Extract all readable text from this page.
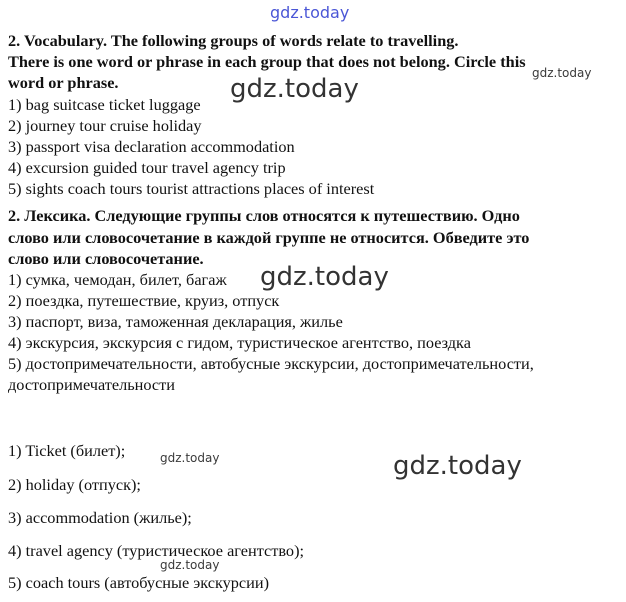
gdz.today
2. Vocabulary. The following groups of words relate to travelling.
There is one word or phrase in each group that does not belong. Circle this
word or phrase.	gdz.today
gdz.today
1) bag suitcase ticket luggage
2) journey tour cruise holiday
3) passport visa declaration accommodation
4) excursion guided tour travel agency trip
5) sights coach tours tourist attractions places of interest
2. Лексика. Следующие группы слов относятся к путешествию. Одно
слово или словосочетание в каждой группе не относится. Обведите это
слово или словосочетание.
1) сумка, чемодан, билет, багаж gdz.today
2) поездка, путешествие, круиз, отпуск
3) паспорт, виза, таможенная декларация, жилье
4) экскурсия, экскурсия с гидом, туристическое агентство, поездка
5) достопримечательности, автобусные экскурсии, достопримечательности,
достопримечательности
1) Ticket (билет);	gdz.today	gdz.today
2) holiday (отпуск);
3) accommodation (жилье);
4) travel agency (туристическое агентство);
gdz.today
5) coach tours (автобусные экскурсии)
